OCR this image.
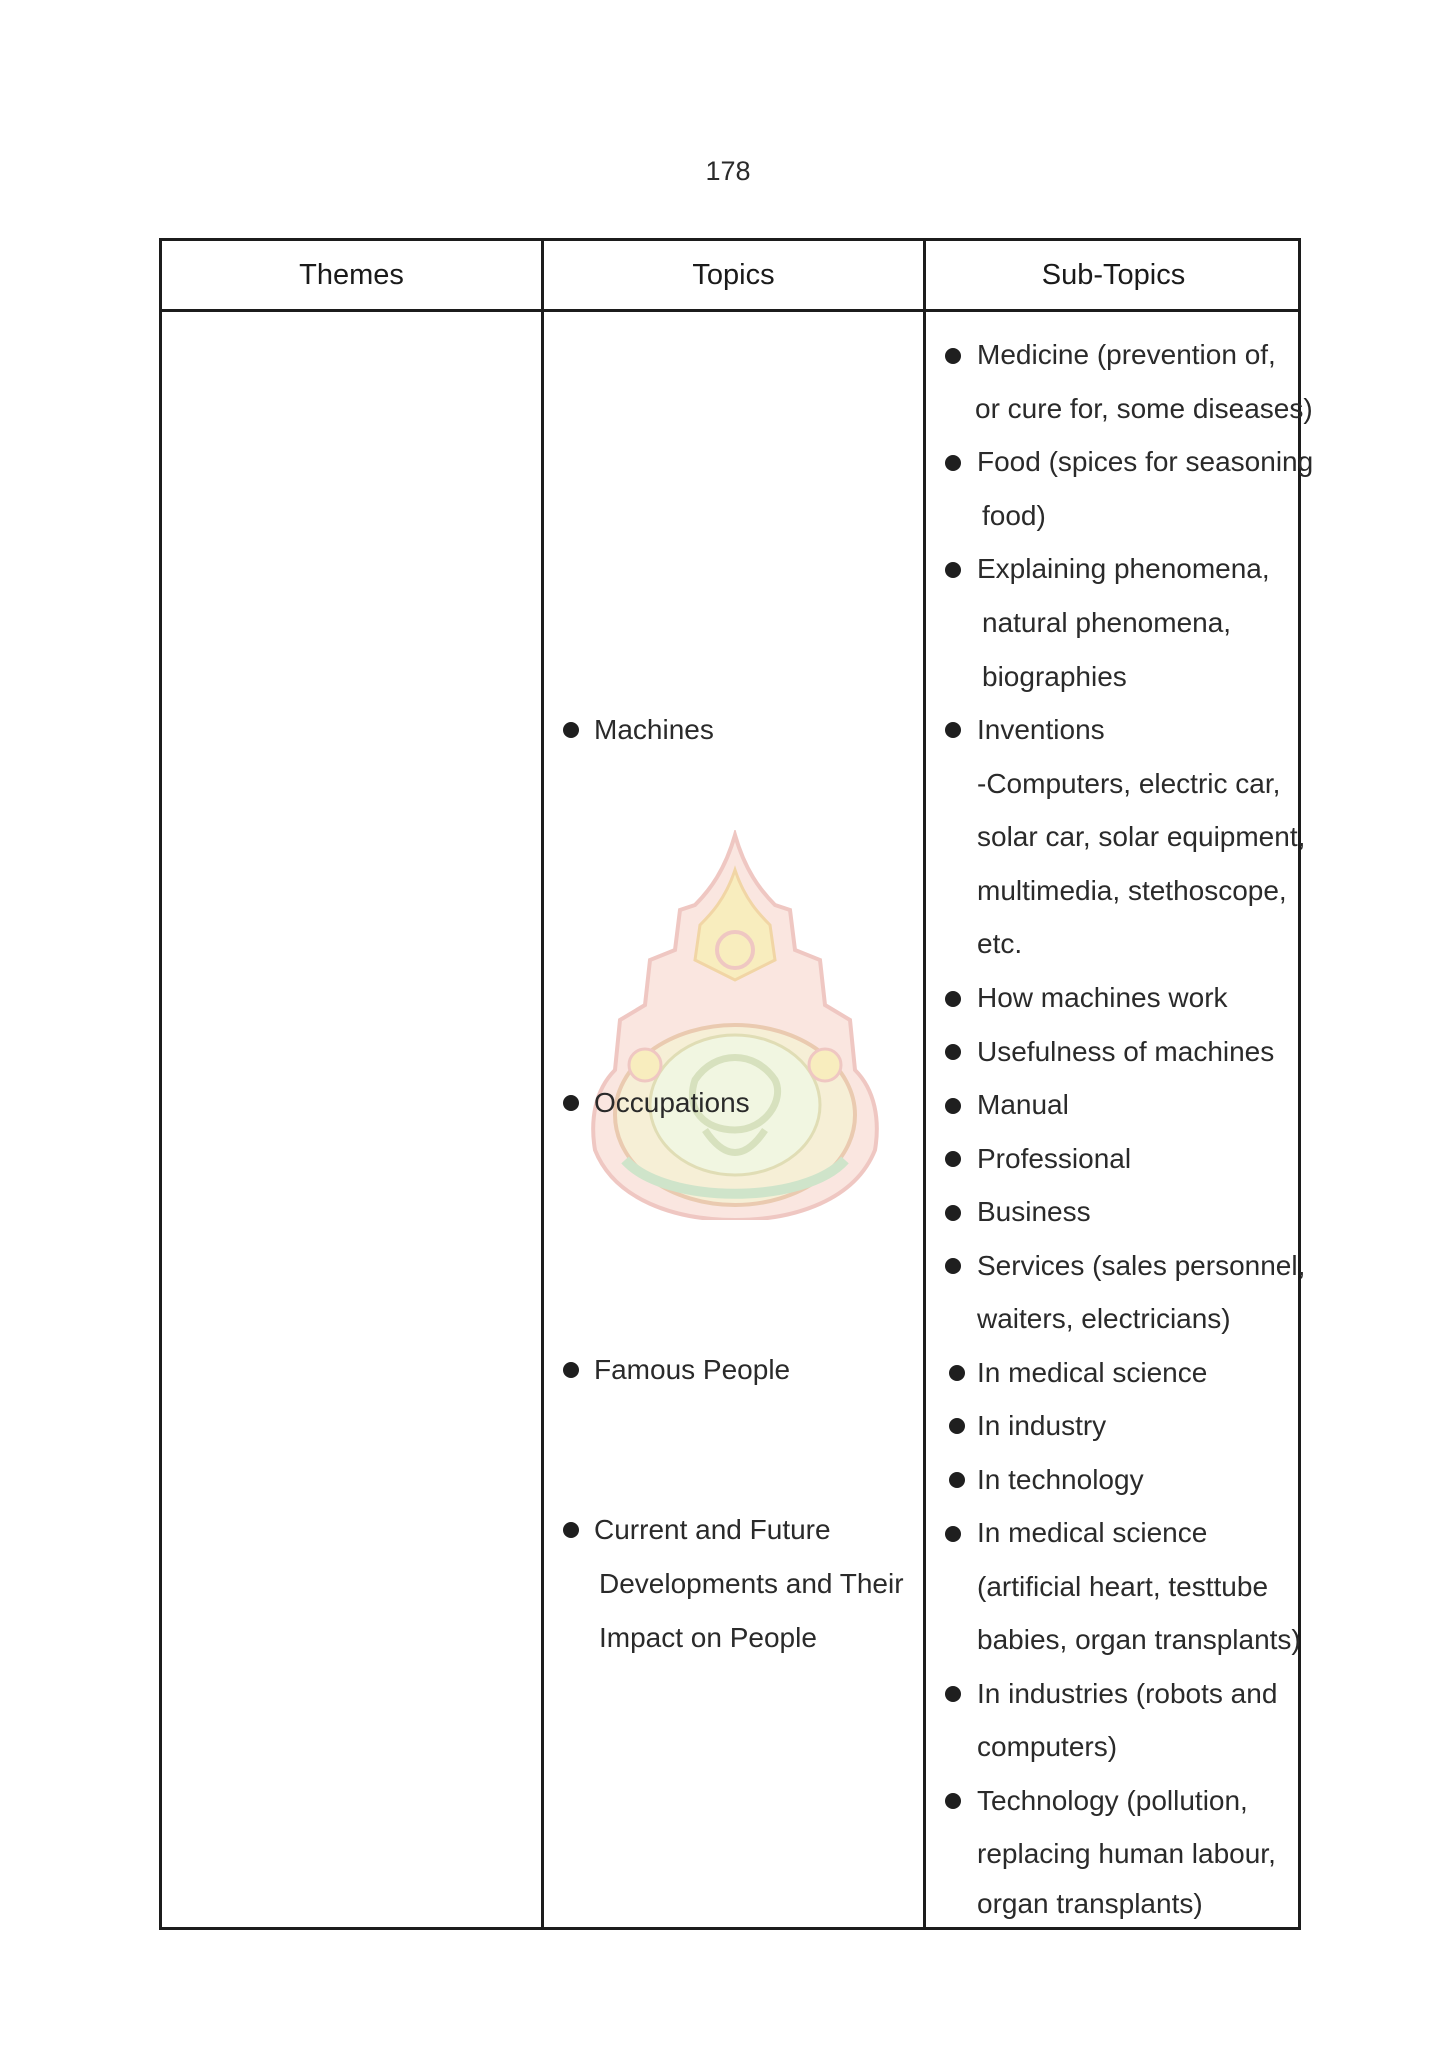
178
Themes	Topics	Sub-Topics
Machines
Occupations
Famous People
Current and Future
Developments and Their
Impact on People
Medicine (prevention of,
or cure for, some diseases)
Food (spices for seasoning
food)
Explaining phenomena,
natural phenomena,
biographies
Inventions
-Computers, electric car,
solar car, solar equipment,
multimedia, stethoscope,
etc.
How machines work
Usefulness of machines
Manual
Professional
Business
Services (sales personnel,
waiters, electricians)
In medical science
In industry
In technology
In medical science
(artificial heart, testtube
babies, organ transplants)
In industries (robots and
computers)
Technology (pollution,
replacing human labour,
organ transplants)
